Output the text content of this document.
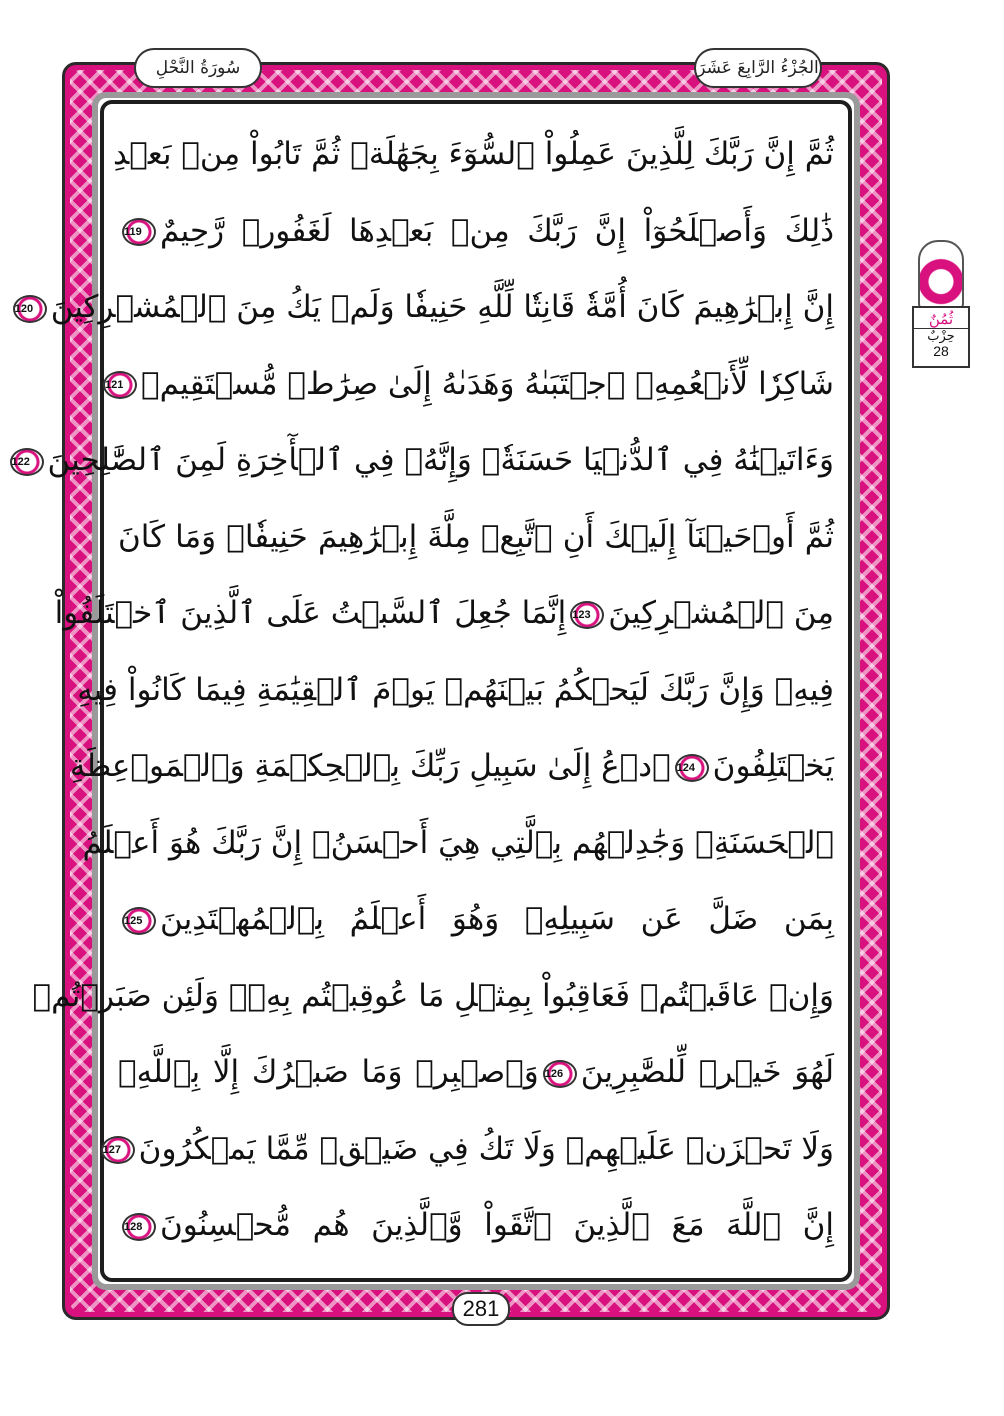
الجُزْءُ الرَّابِعَ عَشَرَ
سُورَةُ النَّحْلِ
ثُمُنٌ
حِزْبٌ
28
ثُمَّ إِنَّ رَبَّكَ لِلَّذِينَ عَمِلُواْ ٱلسُّوٓءَ بِجَهَٰلَةٖ ثُمَّ تَابُواْ مِنۢ بَعۡدِ
ذَٰلِكَ وَأَصۡلَحُوٓاْ إِنَّ رَبَّكَ مِنۢ بَعۡدِهَا لَغَفُورٞ رَّحِيمٌ119
إِنَّ إِبۡرَٰهِيمَ كَانَ أُمَّةٗ قَانِتٗا لِّلَّهِ حَنِيفٗا وَلَمۡ يَكُ مِنَ ٱلۡمُشۡرِكِينَ120
شَاكِرٗا لِّأَنۡعُمِهِۚ ٱجۡتَبَىٰهُ وَهَدَىٰهُ إِلَىٰ صِرَٰطٖ مُّسۡتَقِيمٖ121
وَءَاتَيۡنَٰهُ فِي ٱلدُّنۡيَا حَسَنَةٗۖ وَإِنَّهُۥ فِي ٱلۡأٓخِرَةِ لَمِنَ ٱلصَّٰلِحِينَ122
ثُمَّ أَوۡحَيۡنَآ إِلَيۡكَ أَنِ ٱتَّبِعۡ مِلَّةَ إِبۡرَٰهِيمَ حَنِيفٗاۖ وَمَا كَانَ
مِنَ ٱلۡمُشۡرِكِينَ123إِنَّمَا جُعِلَ ٱلسَّبۡتُ عَلَى ٱلَّذِينَ ٱخۡتَلَفُواْ
فِيهِۚ وَإِنَّ رَبَّكَ لَيَحۡكُمُ بَيۡنَهُمۡ يَوۡمَ ٱلۡقِيَٰمَةِ فِيمَا كَانُواْ فِيهِ
يَخۡتَلِفُونَ124ٱدۡعُ إِلَىٰ سَبِيلِ رَبِّكَ بِٱلۡحِكۡمَةِ وَٱلۡمَوۡعِظَةِ
ٱلۡحَسَنَةِۖ وَجَٰدِلۡهُم بِٱلَّتِي هِيَ أَحۡسَنُۚ إِنَّ رَبَّكَ هُوَ أَعۡلَمُ
بِمَن ضَلَّ عَن سَبِيلِهِۦ وَهُوَ أَعۡلَمُ بِٱلۡمُهۡتَدِينَ125
وَإِنۡ عَاقَبۡتُمۡ فَعَاقِبُواْ بِمِثۡلِ مَا عُوقِبۡتُم بِهِۦۖ وَلَئِن صَبَرۡتُمۡ
لَهُوَ خَيۡرٞ لِّلصَّٰبِرِينَ126وَٱصۡبِرۡ وَمَا صَبۡرُكَ إِلَّا بِٱللَّهِۚ
وَلَا تَحۡزَنۡ عَلَيۡهِمۡ وَلَا تَكُ فِي ضَيۡقٖ مِّمَّا يَمۡكُرُونَ127
إِنَّ ٱللَّهَ مَعَ ٱلَّذِينَ ٱتَّقَواْ وَّٱلَّذِينَ هُم مُّحۡسِنُونَ128
281
